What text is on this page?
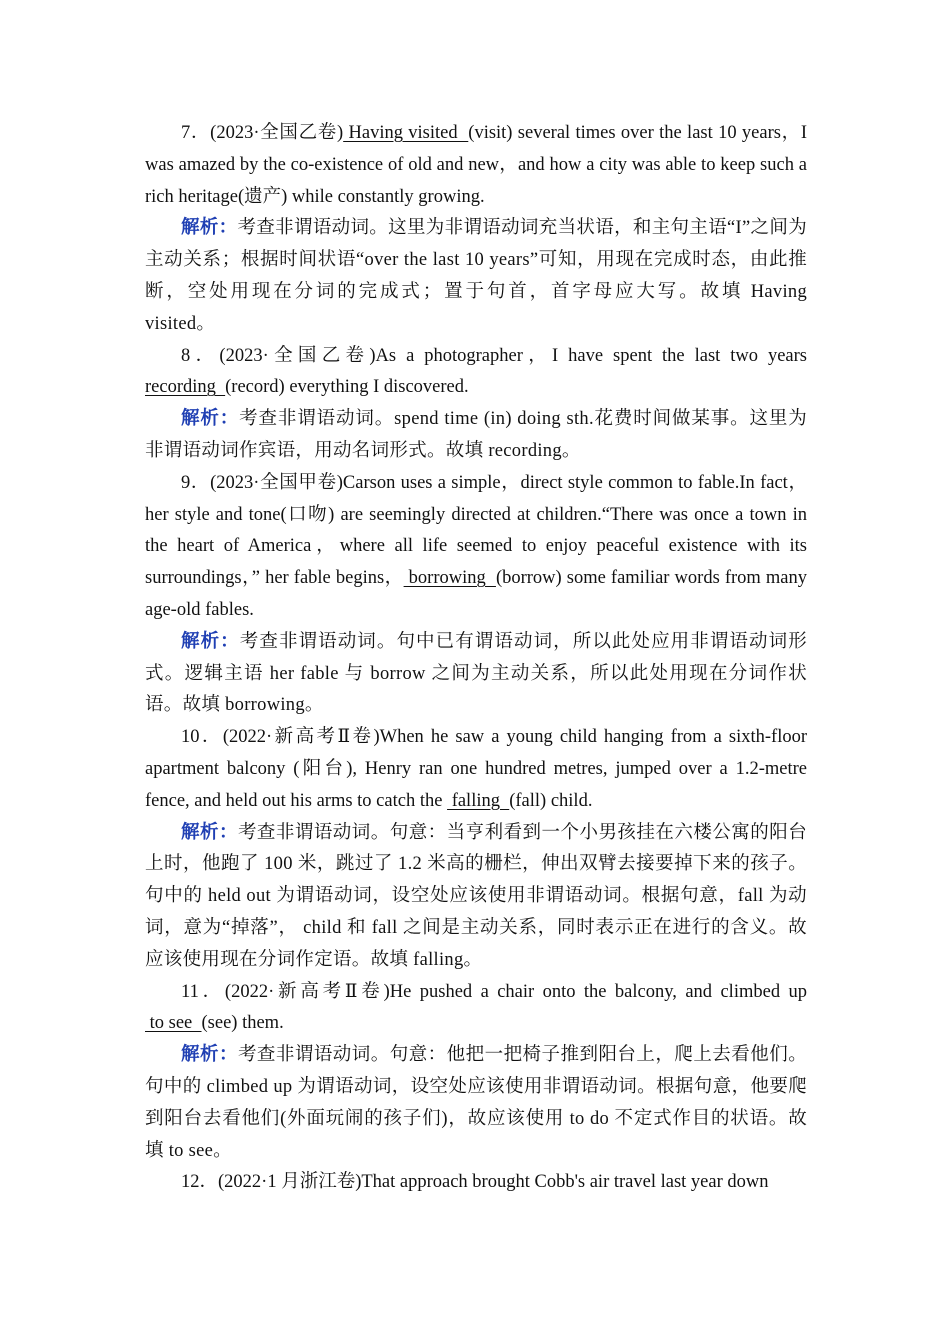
7．(2023·全国乙卷) Having visited  (visit) several times over the last 10 years，I was amazed by the co-existence of old and new，and how a city was able to keep such a rich heritage(遗产) while constantly growing.

解析：考查非谓语动词。这里为非谓语动词充当状语，和主句主语“I”之间为主动关系；根据时间状语“over the last 10 years”可知，用现在完成时态，由此推断，空处用现在分词的完成式；置于句首，首字母应大写。故填 Having visited。

8．(2023·全国乙卷)As a photographer，I have spent the last two years recording  (record) everything I discovered.

解析：考查非谓语动词。spend time (in) doing sth.花费时间做某事。这里为非谓语动词作宾语，用动名词形式。故填 recording。

9．(2023·全国甲卷)Carson uses a simple，direct style common to fable.In fact，her style and tone(口吻) are seemingly directed at children.“There was once a town in the heart of America，where all life seemed to enjoy peaceful existence with its surroundings，” her fable begins， borrowing  (borrow) some familiar words from many age-old fables.

解析：考查非谓语动词。句中已有谓语动词，所以此处应用非谓语动词形式。逻辑主语 her fable 与 borrow 之间为主动关系，所以此处用现在分词作状语。故填 borrowing。

10．(2022·新高考Ⅱ卷)When he saw a young child hanging from a sixth-floor apartment balcony (阳台), Henry ran one hundred metres, jumped over a 1.2-metre fence, and held out his arms to catch the  falling  (fall) child.

解析：考查非谓语动词。句意：当亨利看到一个小男孩挂在六楼公寓的阳台上时，他跑了 100 米，跳过了 1.2 米高的栅栏，伸出双臂去接要掉下来的孩子。句中的 held out 为谓语动词，设空处应该使用非谓语动词。根据句意，fall 为动词，意为“掉落”， child 和 fall 之间是主动关系，同时表示正在进行的含义。故应该使用现在分词作定语。故填 falling。

11．(2022·新高考Ⅱ卷)He pushed a chair onto the balcony, and climbed up  to see  (see) them.

解析：考查非谓语动词。句意：他把一把椅子推到阳台上，爬上去看他们。句中的 climbed up 为谓语动词，设空处应该使用非谓语动词。根据句意，他要爬到阳台去看他们(外面玩闹的孩子们)，故应该使用 to do 不定式作目的状语。故填 to see。

12．(2022·1 月浙江卷)That approach brought Cobb's air travel last year down
